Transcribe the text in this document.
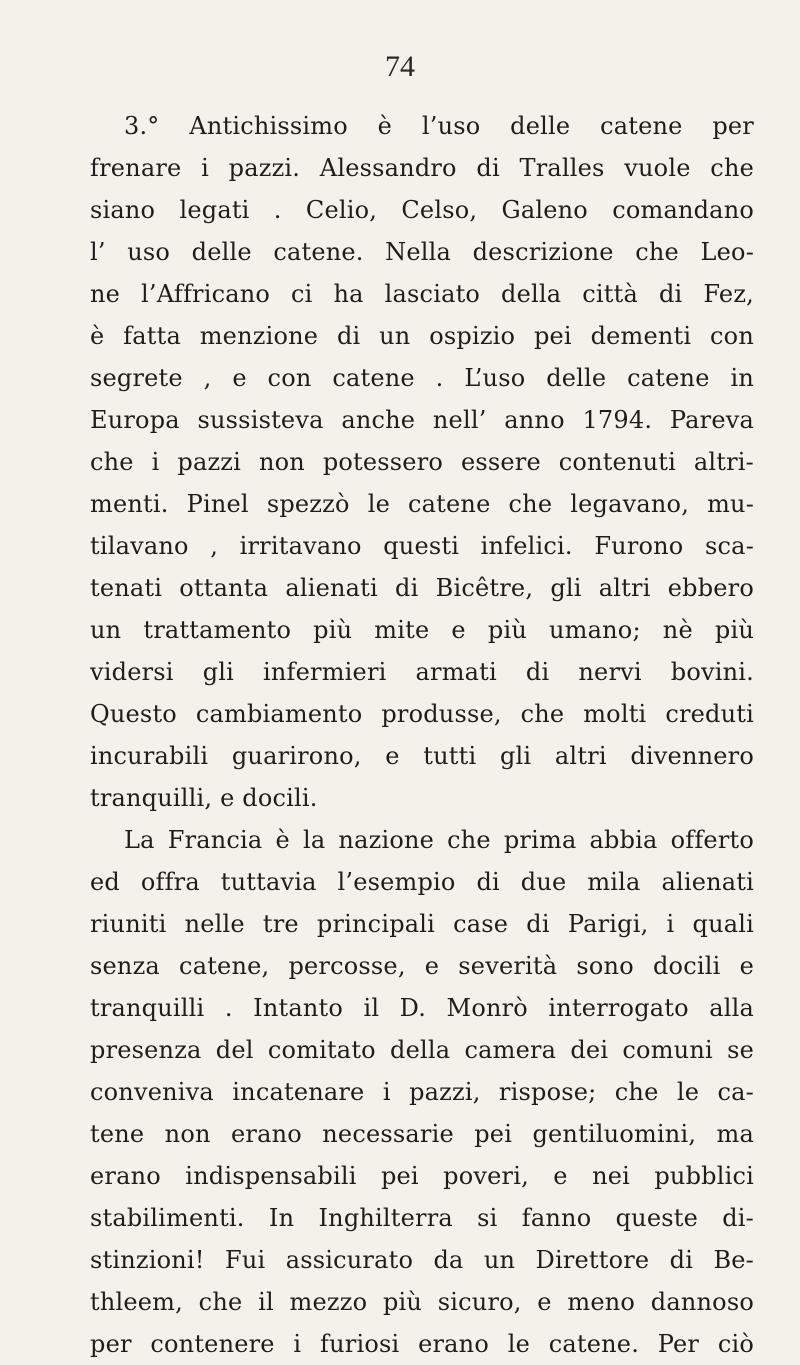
74
3.° Antichissimo è l’uso delle catene per
frenare i pazzi. Alessandro di Tralles vuole che
siano legati . Celio, Celso, Galeno comandano
l’ uso delle catene. Nella descrizione che Leo-
ne l’Affricano ci ha lasciato della città di Fez,
è fatta menzione di un ospizio pei dementi con
segrete , e con catene . L’uso delle catene in
Europa sussisteva anche nell’ anno 1794. Pareva
che i pazzi non potessero essere contenuti altri-
menti. Pinel spezzò le catene che legavano, mu-
tilavano , irritavano questi infelici. Furono sca-
tenati ottanta alienati di Bicêtre, gli altri ebbero
un trattamento più mite e più umano; nè più
vidersi gli infermieri armati di nervi bovini.
Questo cambiamento produsse, che molti creduti
incurabili guarirono, e tutti gli altri divennero
tranquilli, e docili.
La Francia è la nazione che prima abbia offerto
ed offra tuttavia l’esempio di due mila alienati
riuniti nelle tre principali case di Parigi, i quali
senza catene, percosse, e severità sono docili e
tranquilli . Intanto il D. Monrò interrogato alla
presenza del comitato della camera dei comuni se
conveniva incatenare i pazzi, rispose; che le ca-
tene non erano necessarie pei gentiluomini, ma
erano indispensabili pei poveri, e nei pubblici
stabilimenti. In Inghilterra si fanno queste di-
stinzioni! Fui assicurato da un Direttore di Be-
thleem, che il mezzo più sicuro, e meno dannoso
per contenere i furiosi erano le catene. Per ciò
